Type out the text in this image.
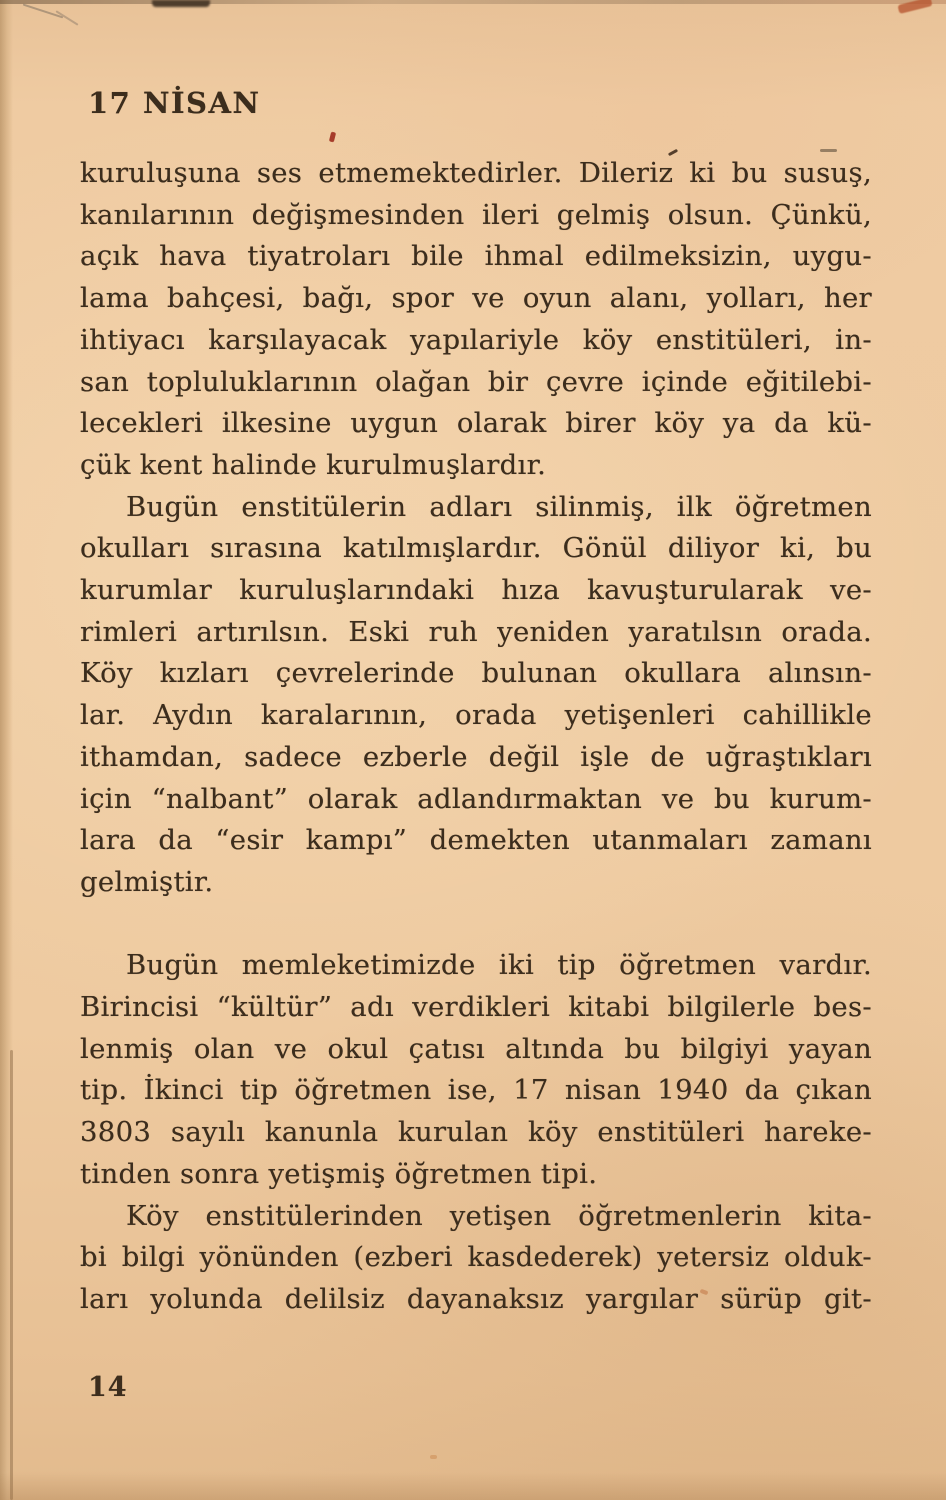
17 NİSAN
kuruluşuna ses etmemektedirler. Dileriz ki bu susuş,
kanılarının değişmesinden ileri gelmiş olsun. Çünkü,
açık hava tiyatroları bile ihmal edilmeksizin, uygu-
lama bahçesi, bağı, spor ve oyun alanı, yolları, her
ihtiyacı karşılayacak yapılariyle köy enstitüleri, in-
san topluluklarının olağan bir çevre içinde eğitilebi-
lecekleri ilkesine uygun olarak birer köy ya da kü-
çük kent halinde kurulmuşlardır.
Bugün enstitülerin adları silinmiş, ilk öğretmen
okulları sırasına katılmışlardır. Gönül diliyor ki, bu
kurumlar kuruluşlarındaki hıza kavuşturularak ve-
rimleri artırılsın. Eski ruh yeniden yaratılsın orada.
Köy kızları çevrelerinde bulunan okullara alınsın-
lar. Aydın karalarının, orada yetişenleri cahillikle
ithamdan, sadece ezberle değil işle de uğraştıkları
için “nalbant” olarak adlandırmaktan ve bu kurum-
lara da “esir kampı” demekten utanmaları zamanı
gelmiştir.
Bugün memleketimizde iki tip öğretmen vardır.
Birincisi “kültür” adı verdikleri kitabi bilgilerle bes-
lenmiş olan ve okul çatısı altında bu bilgiyi yayan
tip. İkinci tip öğretmen ise, 17 nisan 1940 da çıkan
3803 sayılı kanunla kurulan köy enstitüleri hareke-
tinden sonra yetişmiş öğretmen tipi.
Köy enstitülerinden yetişen öğretmenlerin kita-
bi bilgi yönünden (ezberi kasdederek) yetersiz olduk-
ları yolunda delilsiz dayanaksız yargılar sürüp git-
14
